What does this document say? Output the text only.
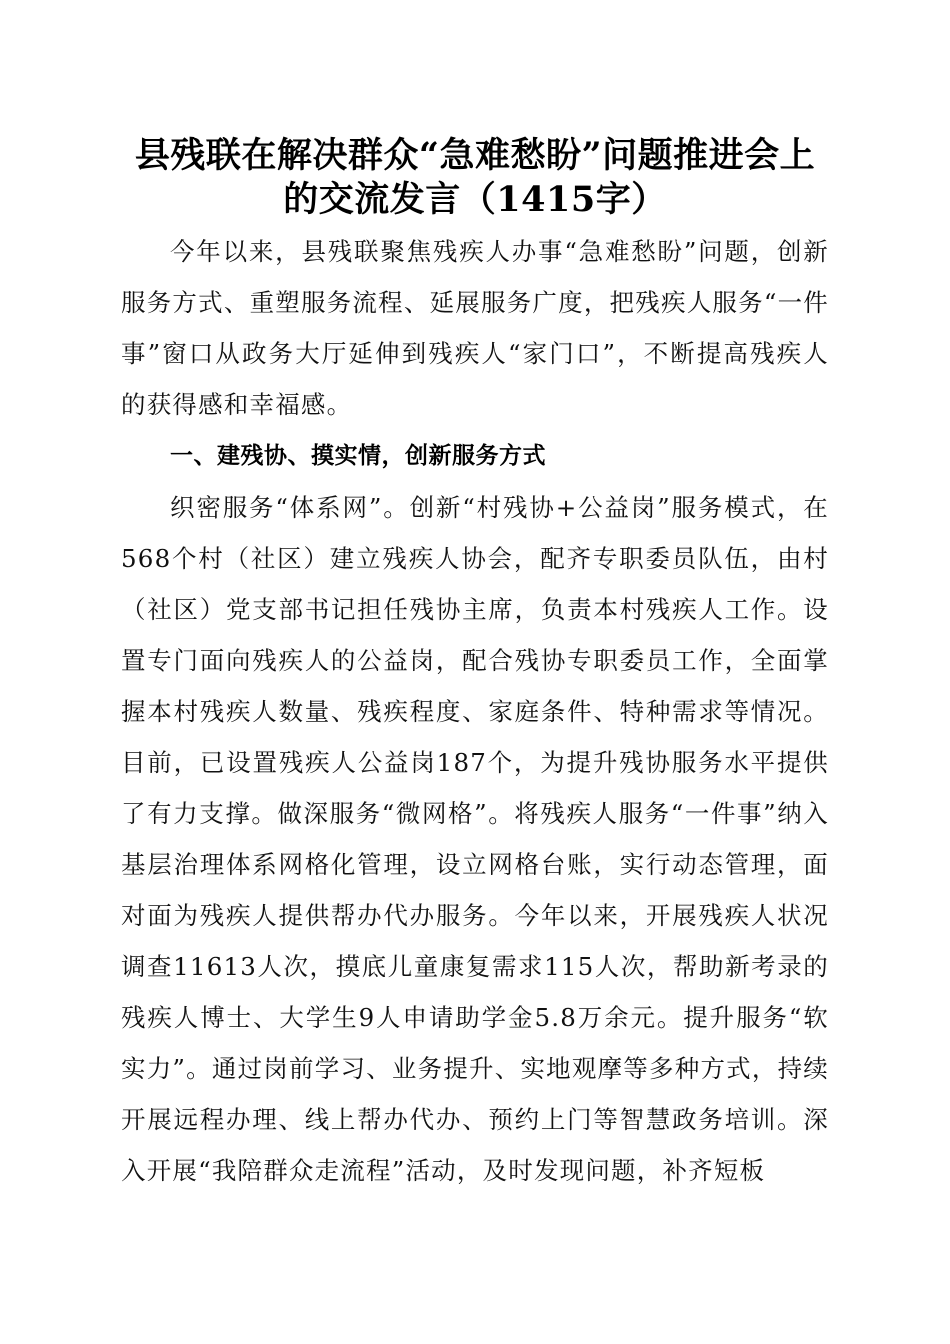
县残联在解决群众“急难愁盼”问题推进会上
的交流发言（1415字）

今年以来，县残联聚焦残疾人办事“急难愁盼”问题，创新服务方式、重塑服务流程、延展服务广度，把残疾人服务“一件事”窗口从政务大厅延伸到残疾人“家门口”，不断提高残疾人的获得感和幸福感。

一、建残协、摸实情，创新服务方式

织密服务“体系网”。创新“村残协+公益岗”服务模式，在568个村（社区）建立残疾人协会，配齐专职委员队伍，由村（社区）党支部书记担任残协主席，负责本村残疾人工作。设置专门面向残疾人的公益岗，配合残协专职委员工作，全面掌握本村残疾人数量、残疾程度、家庭条件、特种需求等情况。目前，已设置残疾人公益岗187个，为提升残协服务水平提供了有力支撑。做深服务“微网格”。将残疾人服务“一件事”纳入基层治理体系网格化管理，设立网格台账，实行动态管理，面对面为残疾人提供帮办代办服务。今年以来，开展残疾人状况调查11613人次，摸底儿童康复需求115人次，帮助新考录的残疾人博士、大学生9人申请助学金5.8万余元。提升服务“软实力”。通过岗前学习、业务提升、实地观摩等多种方式，持续开展远程办理、线上帮办代办、预约上门等智慧政务培训。深入开展“我陪群众走流程”活动，及时发现问题，补齐短板
